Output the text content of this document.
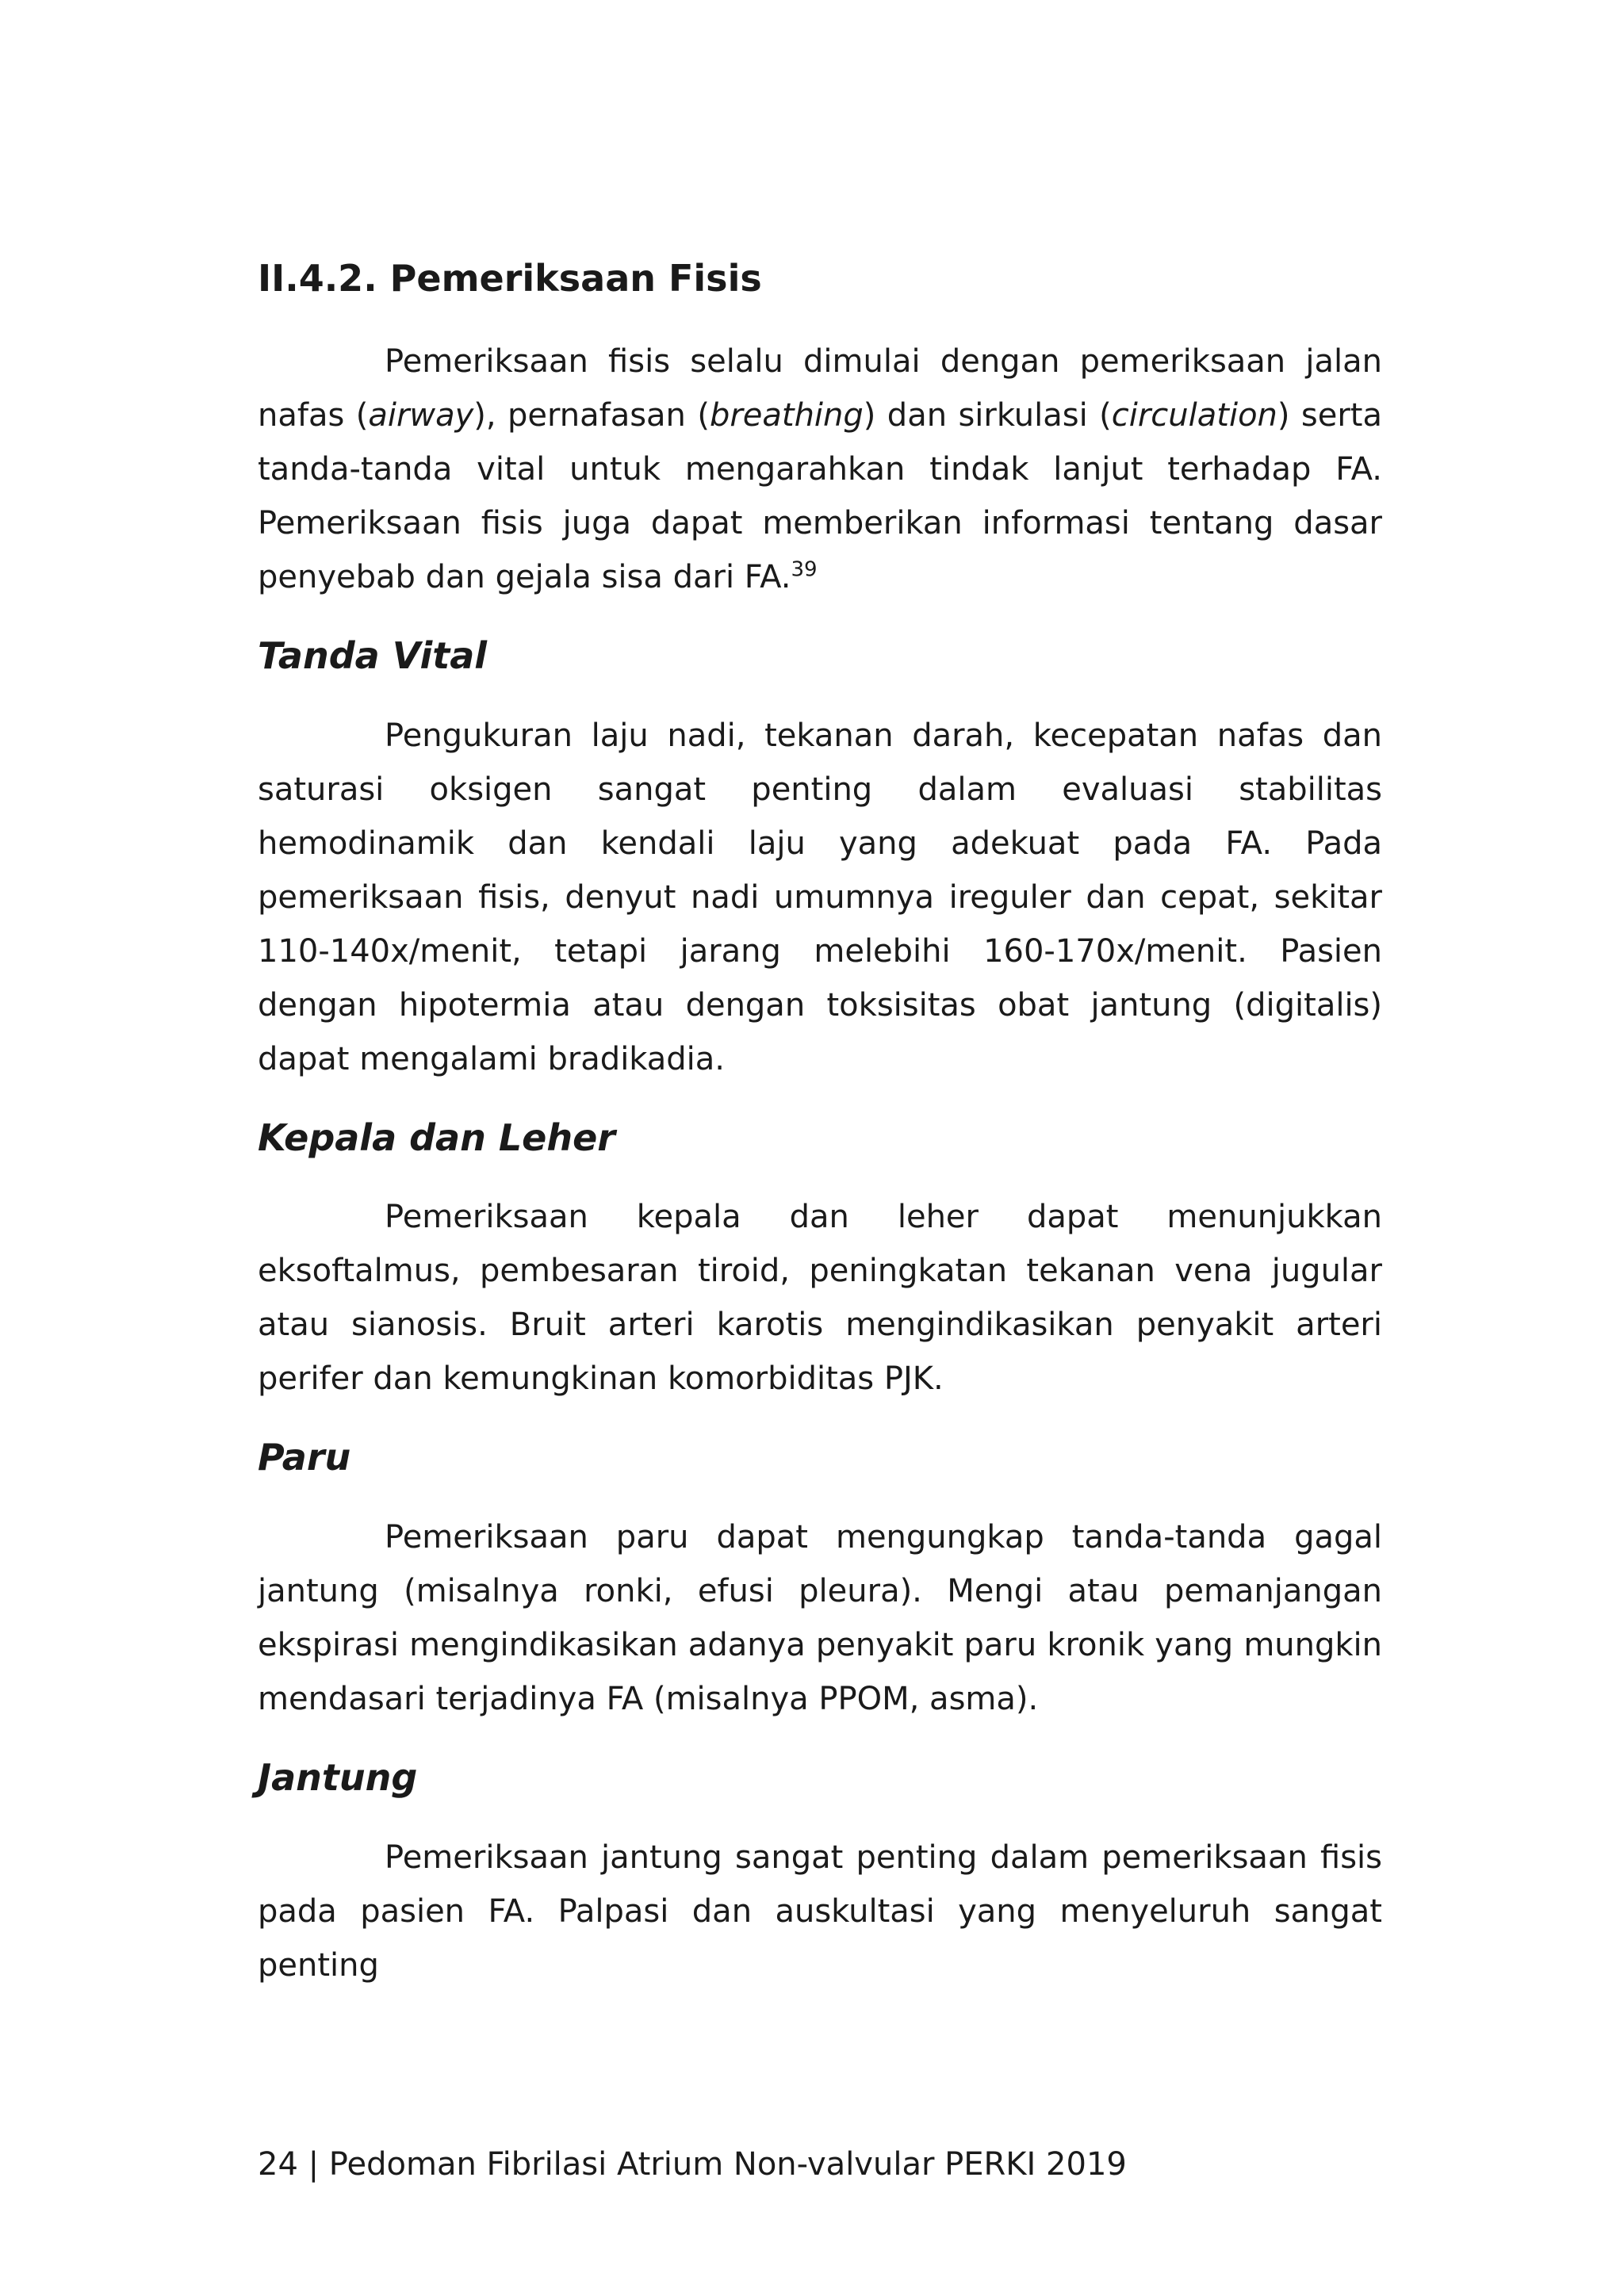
II.4.2. Pemeriksaan Fisis

Pemeriksaan fisis selalu dimulai dengan pemeriksaan jalan nafas (airway), pernafasan (breathing) dan sirkulasi (circulation) serta tanda-tanda vital untuk mengarahkan tindak lanjut terhadap FA. Pemeriksaan fisis juga dapat memberikan informasi tentang dasar penyebab dan gejala sisa dari FA.$^{39}$

Tanda Vital

Pengukuran laju nadi, tekanan darah, kecepatan nafas dan saturasi oksigen sangat penting dalam evaluasi stabilitas hemodinamik dan kendali laju yang adekuat pada FA. Pada pemeriksaan fisis, denyut nadi umumnya ireguler dan cepat, sekitar 110-140x/menit, tetapi jarang melebihi 160-170x/menit. Pasien dengan hipotermia atau dengan toksisitas obat jantung (digitalis) dapat mengalami bradikadia.

Kepala dan Leher

Pemeriksaan kepala dan leher dapat menunjukkan eksoftalmus, pembesaran tiroid, peningkatan tekanan vena jugular atau sianosis. Bruit arteri karotis mengindikasikan penyakit arteri perifer dan kemungkinan komorbiditas PJK.

Paru

Pemeriksaan paru dapat mengungkap tanda-tanda gagal jantung (misalnya ronki, efusi pleura). Mengi atau pemanjangan ekspirasi mengindikasikan adanya penyakit paru kronik yang mungkin mendasari terjadinya FA (misalnya PPOM, asma).

Jantung

Pemeriksaan jantung sangat penting dalam pemeriksaan fisis pada pasien FA. Palpasi dan auskultasi yang menyeluruh sangat penting

24 | Pedoman Fibrilasi Atrium Non-valvular PERKI 2019
